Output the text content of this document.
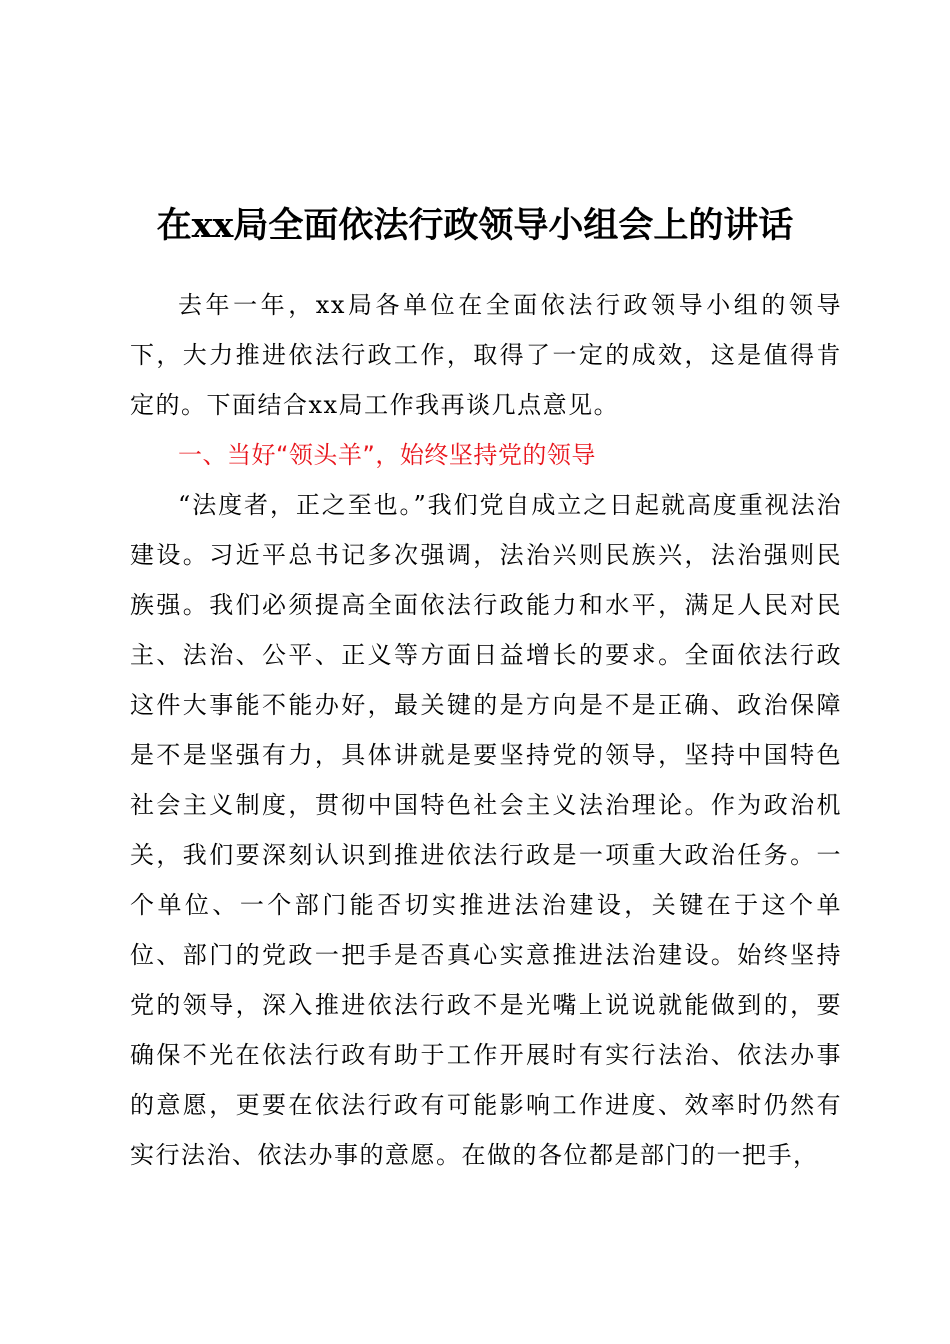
在xx局全面依法行政领导小组会上的讲话

去年一年，xx局各单位在全面依法行政领导小组的领导下，大力推进依法行政工作，取得了一定的成效，这是值得肯定的。下面结合xx局工作我再谈几点意见。

一、当好“领头羊”，始终坚持党的领导

“法度者，正之至也。”我们党自成立之日起就高度重视法治建设。习近平总书记多次强调，法治兴则民族兴，法治强则民族强。我们必须提高全面依法行政能力和水平，满足人民对民主、法治、公平、正义等方面日益增长的要求。全面依法行政这件大事能不能办好，最关键的是方向是不是正确、政治保障是不是坚强有力，具体讲就是要坚持党的领导，坚持中国特色社会主义制度，贯彻中国特色社会主义法治理论。作为政治机关，我们要深刻认识到推进依法行政是一项重大政治任务。一个单位、一个部门能否切实推进法治建设，关键在于这个单位、部门的党政一把手是否真心实意推进法治建设。始终坚持党的领导，深入推进依法行政不是光嘴上说说就能做到的，要确保不光在依法行政有助于工作开展时有实行法治、依法办事的意愿，更要在依法行政有可能影响工作进度、效率时仍然有实行法治、依法办事的意愿。在做的各位都是部门的一把手，
